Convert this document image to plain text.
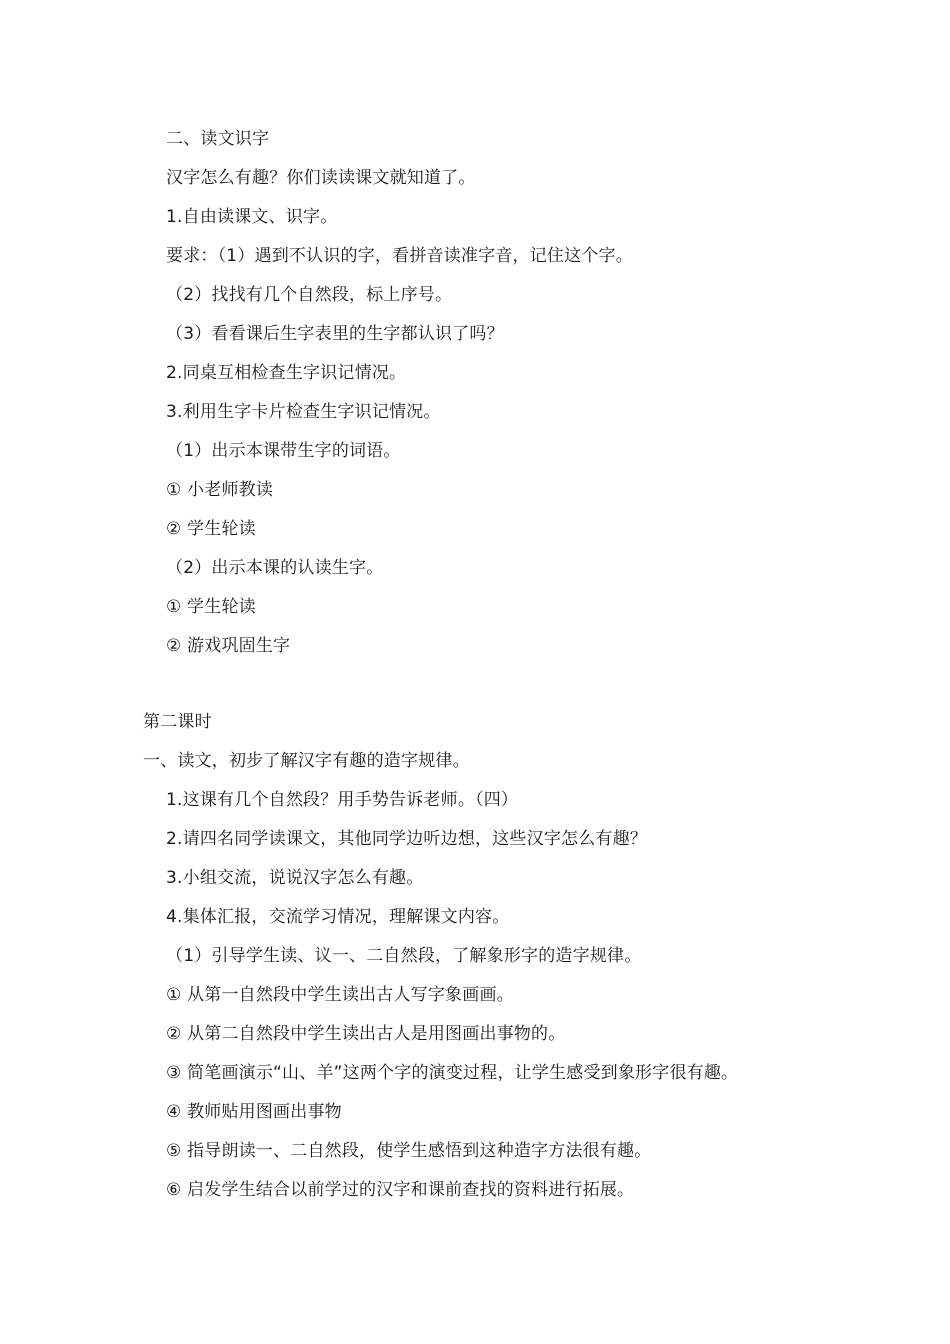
二、读文识字
汉字怎么有趣？你们读读课文就知道了。
1.自由读课文、识字。
要求：（1）遇到不认识的字，看拼音读准字音，记住这个字。
（2）找找有几个自然段，标上序号。
（3）看看课后生字表里的生字都认识了吗？
2.同桌互相检查生字识记情况。
3.利用生字卡片检查生字识记情况。
（1）出示本课带生字的词语。
① 小老师教读
② 学生轮读
（2）出示本课的认读生字。
① 学生轮读
② 游戏巩固生字
第二课时
一、读文，初步了解汉字有趣的造字规律。
1.这课有几个自然段？用手势告诉老师。（四）
2.请四名同学读课文，其他同学边听边想，这些汉字怎么有趣？
3.小组交流，说说汉字怎么有趣。
4.集体汇报，交流学习情况，理解课文内容。
（1）引导学生读、议一、二自然段，了解象形字的造字规律。
① 从第一自然段中学生读出古人写字象画画。
② 从第二自然段中学生读出古人是用图画出事物的。
③ 简笔画演示“山、羊”这两个字的演变过程，让学生感受到象形字很有趣。
④ 教师贴用图画出事物
⑤ 指导朗读一、二自然段，使学生感悟到这种造字方法很有趣。
⑥ 启发学生结合以前学过的汉字和课前查找的资料进行拓展。
